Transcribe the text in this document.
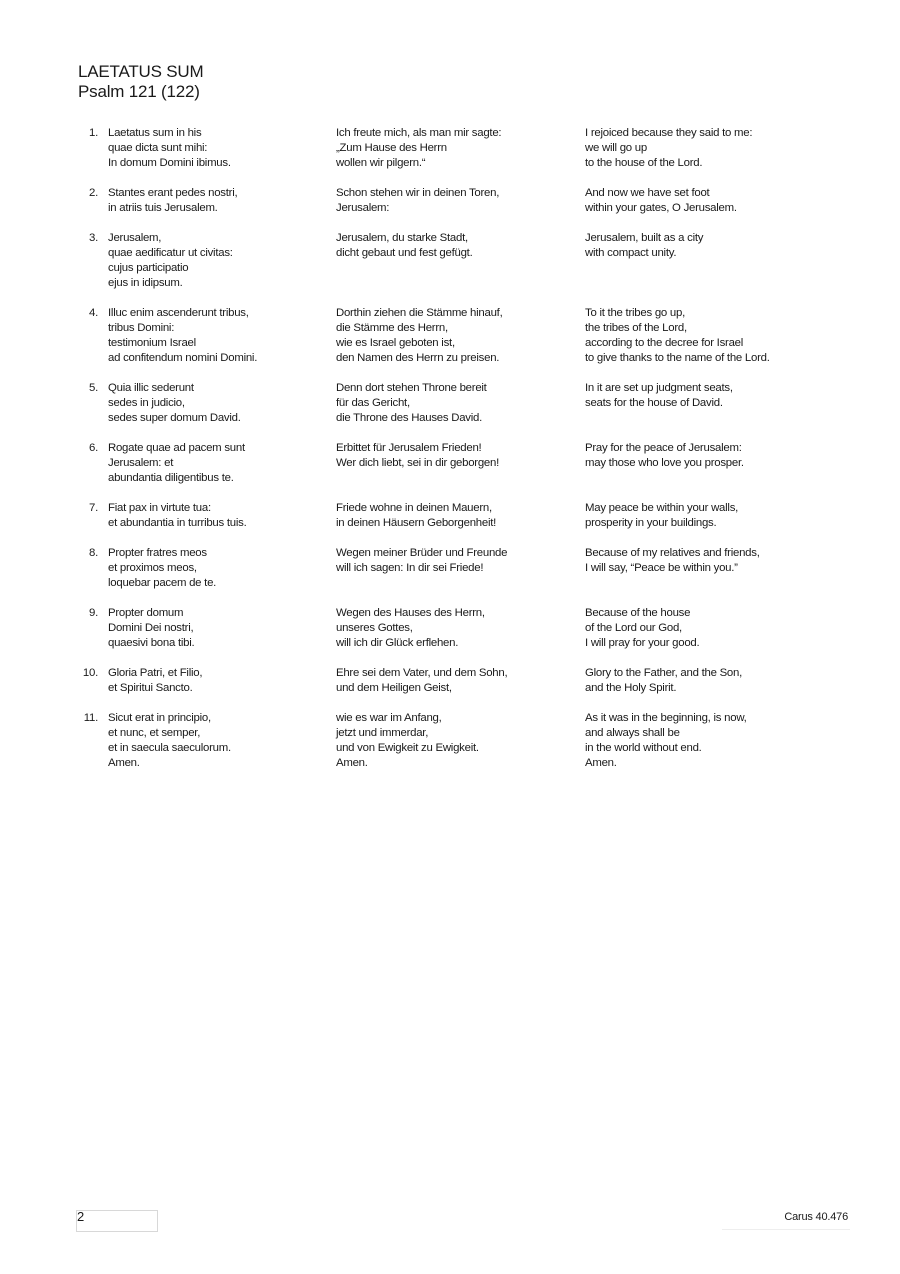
LAETATUS SUM
Psalm 121 (122)
1. Laetatus sum in his
quae dicta sunt mihi:
In domum Domini ibimus.
Ich freute mich, als man mir sagte:
„Zum Hause des Herrn
wollen wir pilgern.“
I rejoiced because they said to me:
we will go up
to the house of the Lord.
2. Stantes erant pedes nostri,
in atriis tuis Jerusalem.
Schon stehen wir in deinen Toren,
Jerusalem:
And now we have set foot
within your gates, O Jerusalem.
3. Jerusalem,
quae aedificatur ut civitas:
cujus participatio
ejus in idipsum.
Jerusalem, du starke Stadt,
dicht gebaut und fest gefügt.
Jerusalem, built as a city
with compact unity.
4. Illuc enim ascenderunt tribus,
tribus Domini:
testimonium Israel
ad confitendum nomini Domini.
Dorthin ziehen die Stämme hinauf,
die Stämme des Herrn,
wie es Israel geboten ist,
den Namen des Herrn zu preisen.
To it the tribes go up,
the tribes of the Lord,
according to the decree for Israel
to give thanks to the name of the Lord.
5. Quia illic sederunt
sedes in judicio,
sedes super domum David.
Denn dort stehen Throne bereit
für das Gericht,
die Throne des Hauses David.
In it are set up judgment seats,
seats for the house of David.
6. Rogate quae ad pacem sunt
Jerusalem: et
abundantia diligentibus te.
Erbittet für Jerusalem Frieden!
Wer dich liebt, sei in dir geborgen!
Pray for the peace of Jerusalem:
may those who love you prosper.
7. Fiat pax in virtute tua:
et abundantia in turribus tuis.
Friede wohne in deinen Mauern,
in deinen Häusern Geborgenheit!
May peace be within your walls,
prosperity in your buildings.
8. Propter fratres meos
et proximos meos,
loquebar pacem de te.
Wegen meiner Brüder und Freunde
will ich sagen: In dir sei Friede!
Because of my relatives and friends,
I will say, “Peace be within you.”
9. Propter domum
Domini Dei nostri,
quaesivi bona tibi.
Wegen des Hauses des Herrn,
unseres Gottes,
will ich dir Glück erflehen.
Because of the house
of the Lord our God,
I will pray for your good.
10. Gloria Patri, et Filio,
et Spiritui Sancto.
Ehre sei dem Vater, und dem Sohn,
und dem Heiligen Geist,
Glory to the Father, and the Son,
and the Holy Spirit.
11. Sicut erat in principio,
et nunc, et semper,
et in saecula saeculorum.
Amen.
wie es war im Anfang,
jetzt und immerdar,
und von Ewigkeit zu Ewigkeit.
Amen.
As it was in the beginning, is now,
and always shall be
in the world without end.
Amen.
2	Carus 40.476
